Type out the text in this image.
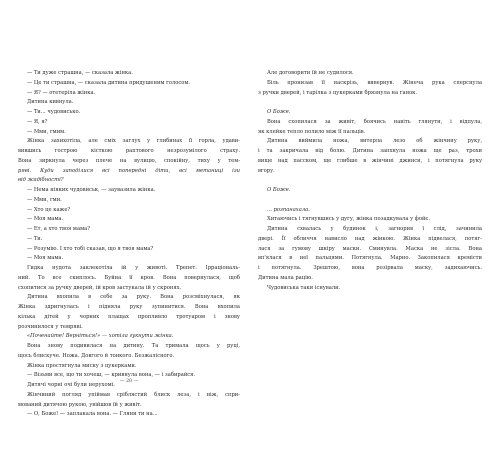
— Ти дуже страшна, — сказала жінка.
— Це ти страшна, — сказала дитина придушеним голосом.
— Я? — отетеріла жінка.
Дитина кивнула.
— Ти... чудовисько.
— Я, я?
— Мми, гмим.
Жінка захихотіла, але сміх заглух у глибинах її горла, удави-
вившись гострою кісткою раптового незрозумілого страху.
Вона зиркнула через плече на вулицю, спокійну, тиху у тем-
ряві. Куди заподілися всі попередні діти, всі метаниці ізи
від жадібності?
— Нема ніяких чудовиськ, — заувазила жінка.
— Мми, гми.
— Хто це каже?
— Моя мама.
— Ет, а хто твоя мама?
— Ти.
— Розумію. І хто тобі сказав, що я твоя мама?
— Моя мама.
Гидка нудота заклекотіла ій у животі. Трепет. Ірраціональ-
ний. То все скиплось. Буйна її кров. Вона повернулася, щоб
схопитися за ручку дверей, ій кров застукала ій у скронях.
Дитина вхопила в себе за руку. Вона розсміхнулася, як
Жінка здригнулась і підняла руку зупинитися. Вона вхопила
кілька дітей у чорних плащах пропливло тротуаром і знову
розчинилося у темряві.
«Поченайте! Верніться!» — хотіла гукнути жінка.
Вона знову подивилася на дитину. Та тримала щось у руці,
щось блискуче. Ножа. Довгого й тонкого. Безжалісного.
Жінка простягнула миску з цукерками.
— Візьми все, що ти хочеш, — кривнула вона, — і забирайся.
Дитячі чорні очі були нерухомі.
Жінчиний погляд упіймав сріблястий блиск леза, і ніж, спри-
мований дитячою рукою, увійшов їй у живіт.
— О, Боже! — заплакала вона. — Гляни ти на...
Але договорити їй не судилося.
Біль пронизав її наскрізь, вивернув. Жінеча рука сперснула
з ручки дверей, і тарілка з цукерками брязнула на ґанок.
О Боже.
Вона схопилася за живіт, боячись навіть глянути, і відпула,
як клейке тепло полило між її пальців.
Дитина виймила ножа, витерла лезо об жінчину руку,
і та закричала від болю. Дитина запхнула ножа ще раз, трохи
вище над пасском, ще глибше в жінчині джинси, і потягнула руку
вгору.
О Боже.
... розпанахала.
Хитаючись і тягнувшись у дугу, жінка позадкувала у фойє.
Дитина схвалась у будинок і, загнорив ї слід, зачинила
двері. Її обличчя нависло над жінкою. Жінка підвелася, потяг-
лася за гумову шкіру маски. Сминувла. Маска не зісла. Вона
вп'ялася в неї пальцями. Потягнула. Марно. Закопилася кремісти
і потягнула. Зрештою, вона розірвала маску, задихаючись.
Дитина мала рацію.
Чудовиська таки існували.
— 20 —
